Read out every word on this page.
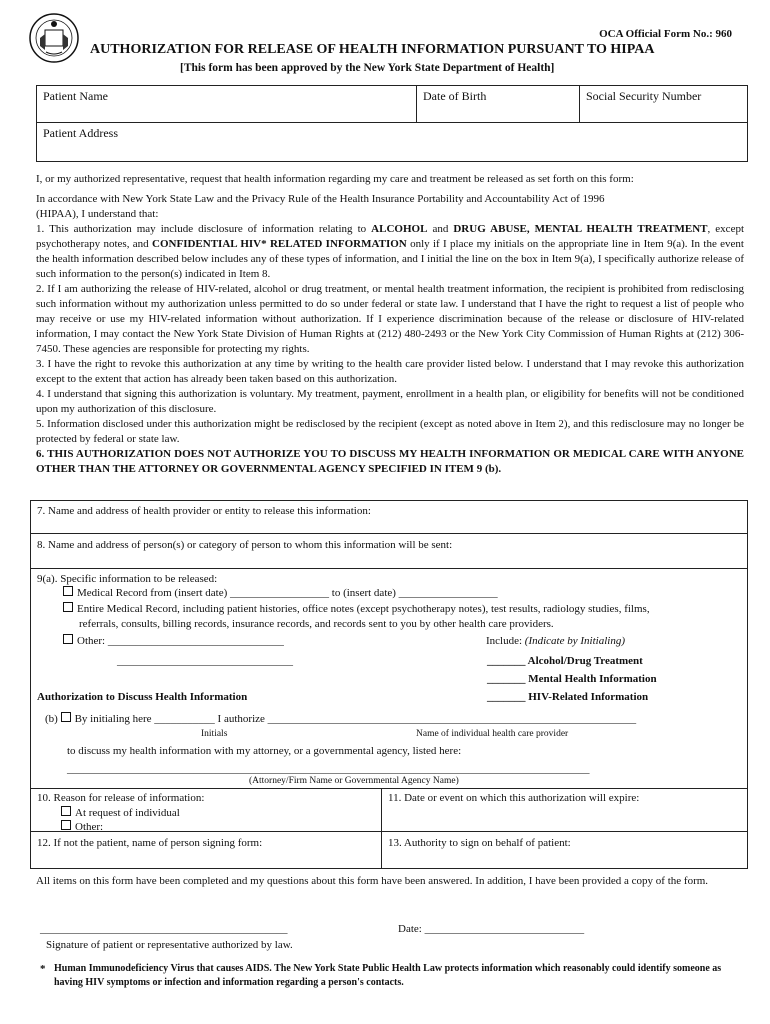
OCA Official Form No.: 960
AUTHORIZATION FOR RELEASE OF HEALTH INFORMATION PURSUANT TO HIPAA
[This form has been approved by the New York State Department of Health]
Patient Name	Date of Birth	Social Security Number
Patient Address
I, or my authorized representative, request that health information regarding my care and treatment be released as set forth on this form:

In accordance with New York State Law and the Privacy Rule of the Health Insurance Portability and Accountability Act of 1996

(HIPAA), I understand that:

1. This authorization may include disclosure of information relating to ALCOHOL and DRUG ABUSE, MENTAL HEALTH TREATMENT, except psychotherapy notes, and CONFIDENTIAL HIV* RELATED INFORMATION only if I place my initials on the appropriate line in Item 9(a). In the event the health information described below includes any of these types of information, and I initial the line on the box in Item 9(a), I specifically authorize release of such information to the person(s) indicated in Item 8.

2. If I am authorizing the release of HIV-related, alcohol or drug treatment, or mental health treatment information, the recipient is prohibited from redisclosing such information without my authorization unless permitted to do so under federal or state law. I understand that I have the right to request a list of people who may receive or use my HIV-related information without authorization. If I experience discrimination because of the release or disclosure of HIV-related information, I may contact the New York State Division of Human Rights at (212) 480-2493 or the New York City Commission of Human Rights at (212) 306-7450. These agencies are responsible for protecting my rights.

3. I have the right to revoke this authorization at any time by writing to the health care provider listed below. I understand that I may revoke this authorization except to the extent that action has already been taken based on this authorization.

4. I understand that signing this authorization is voluntary. My treatment, payment, enrollment in a health plan, or eligibility for benefits will not be conditioned upon my authorization of this disclosure.

5. Information disclosed under this authorization might be redisclosed by the recipient (except as noted above in Item 2), and this redisclosure may no longer be protected by federal or state law.

6. THIS AUTHORIZATION DOES NOT AUTHORIZE YOU TO DISCUSS MY HEALTH INFORMATION OR MEDICAL CARE WITH ANYONE OTHER THAN THE ATTORNEY OR GOVERNMENTAL AGENCY SPECIFIED IN ITEM 9 (b).

7. Name and address of health provider or entity to release this information:
8. Name and address of person(s) or category of person to whom this information will be sent:
9(a). Specific information to be released:
Medical Record from (insert date) __________________ to (insert date) __________________
Entire Medical Record, including patient histories, office notes (except psychotherapy notes), test results, radiology studies, films,
referrals, consults, billing records, insurance records, and records sent to you by other health care providers.
Other: ________________________________
________________________________
Include: (Indicate by Initialing)
_______ Alcohol/Drug Treatment
_______ Mental Health Information
_______ HIV-Related Information
Authorization to Discuss Health Information
(b) By initialing here ___________ I authorize ___________________________________________________________________
Initials	Name of individual health care provider
to discuss my health information with my attorney, or a governmental agency, listed here:
_______________________________________________________________________________________________
(Attorney/Firm Name or Governmental Agency Name)
10. Reason for release of information:
At request of individual
Other:
11. Date or event on which this authorization will expire:
12. If not the patient, name of person signing form:	13. Authority to sign on behalf of patient:
All items on this form have been completed and my questions about this form have been answered. In addition, I have been provided a copy of the form.
_____________________________________________
Signature of patient or representative authorized by law.
Date: _____________________________
* Human Immunodeficiency Virus that causes AIDS. The New York State Public Health Law protects information which reasonably could identify someone as having HIV symptoms or infection and information regarding a person's contacts.
